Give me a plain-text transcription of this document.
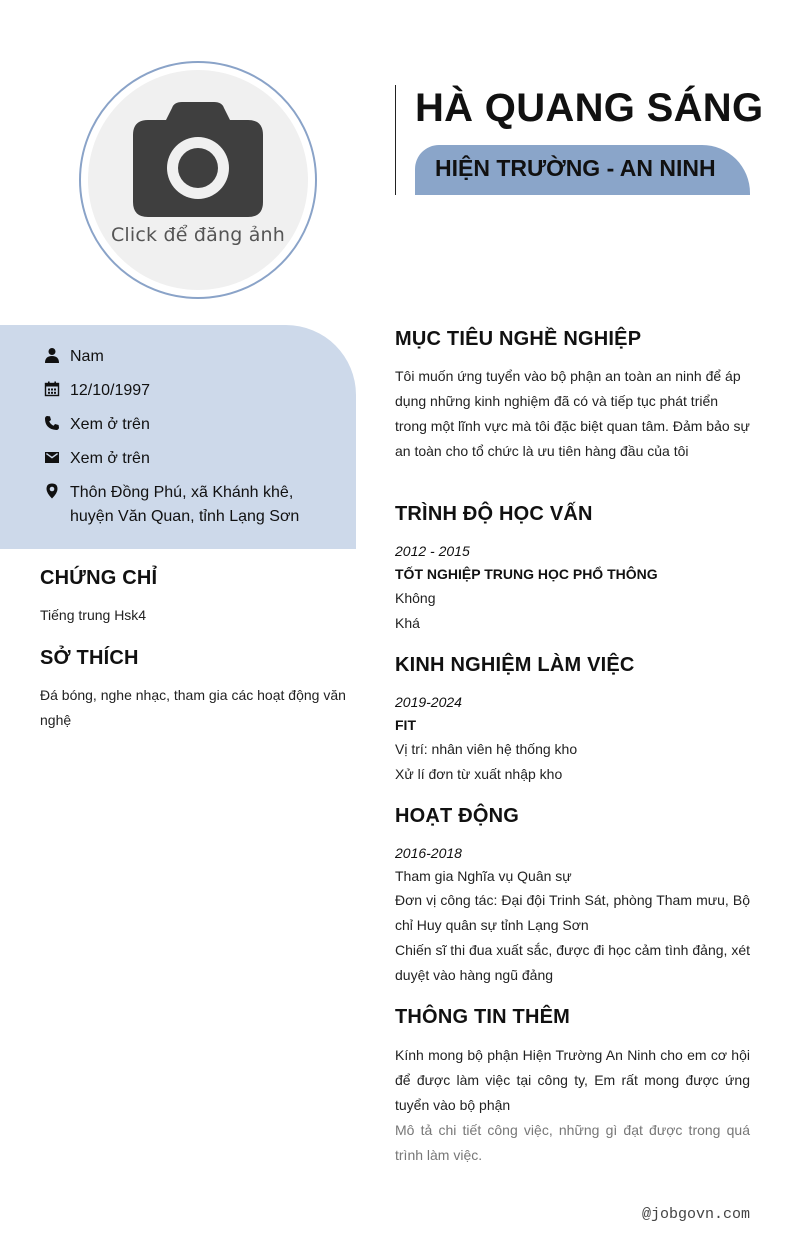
Click để đăng ảnh
HÀ QUANG SÁNG
HIỆN TRƯỜNG - AN NINH
Nam
12/10/1997
Xem ở trên
Xem ở trên
Thôn Đồng Phú, xã Khánh khê, huyện Văn Quan, tỉnh Lạng Sơn
CHỨNG CHỈ
Tiếng trung Hsk4
SỞ THÍCH
Đá bóng, nghe nhạc, tham gia các hoạt động văn nghệ
MỤC TIÊU NGHỀ NGHIỆP
Tôi muốn ứng tuyển vào bộ phận an toàn an ninh để áp dụng những kinh nghiệm đã có và tiếp tục phát triển trong một lĩnh vực mà tôi đặc biệt quan tâm. Đảm bảo sự an toàn cho tổ chức là ưu tiên hàng đầu của tôi
TRÌNH ĐỘ HỌC VẤN
2012 - 2015
TỐT NGHIỆP TRUNG HỌC PHỔ THÔNG
Không
Khá
KINH NGHIỆM LÀM VIỆC
2019-2024
FIT
Vị trí: nhân viên hệ thống kho
Xử lí đơn từ xuất nhập kho
HOẠT ĐỘNG
2016-2018
Tham gia Nghĩa vụ Quân sự
Đơn vị công tác: Đại đội Trinh Sát, phòng Tham mưu, Bộ chỉ Huy quân sự tỉnh Lạng Sơn
Chiến sĩ thi đua xuất sắc, được đi học cảm tình đảng, xét duyệt vào hàng ngũ đảng
THÔNG TIN THÊM
Kính mong bộ phận Hiện Trường An Ninh cho em cơ hội để được làm việc tại công ty, Em rất mong được ứng tuyển vào bộ phận
Mô tả chi tiết công việc, những gì đạt được trong quá trình làm việc.
@jobgovn.com
